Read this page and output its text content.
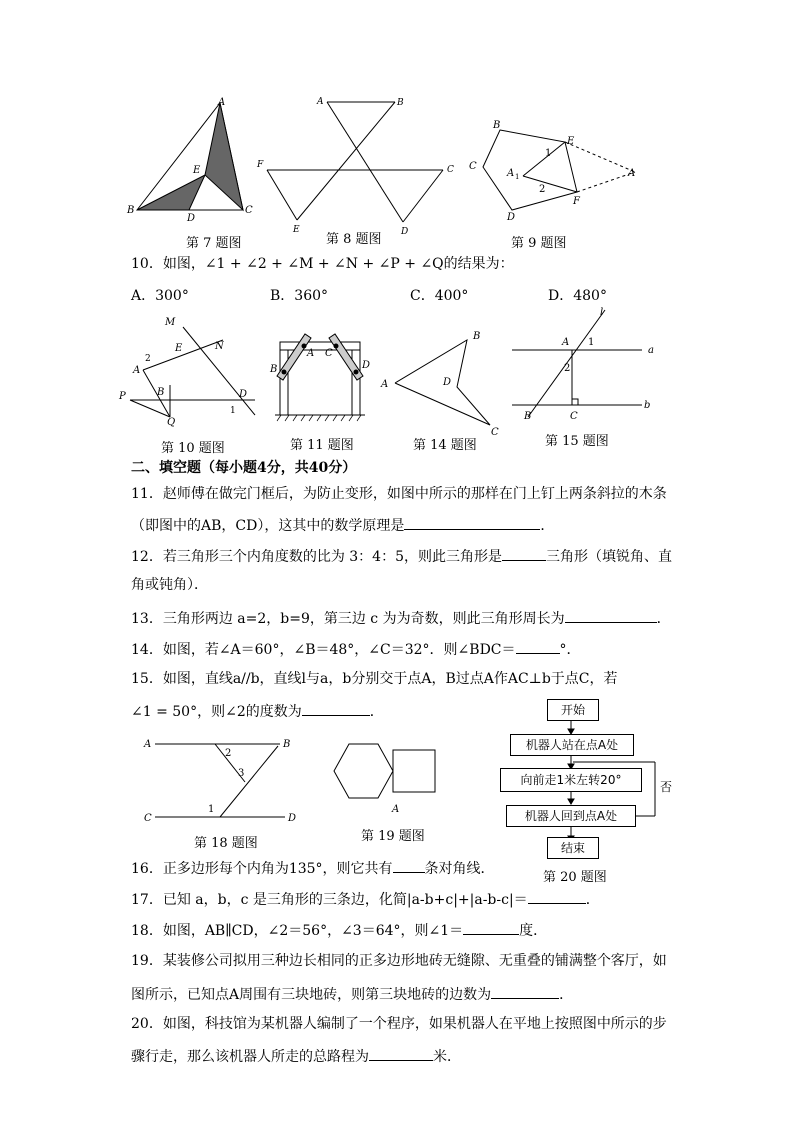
A
B
D
C
E
第 7 题图
A	B
F	C
E	D
第 8 题图
B
E
C
A 1
1
2
F
D
A
第 9 题图
10．如图，∠1 + ∠2 + ∠M + ∠N + ∠P + ∠Q的结果为：
A．300°	B．360°	C．400°	D．480°
M
N
E
A
2
B
P
Q
D
1
第 10 题图
A C
B	D
第 11 题图
A
B
D
C
第 14 题图
l
A 1
2
a
b
B	C
第 15 题图
二、填空题（每小题4分，共40分）
11．赵师傅在做完门框后，为防止变形，如图中所示的那样在门上钉上两条斜拉的木条
（即图中的AB，CD），这其中的数学原理是	．
12．若三角形三个内角度数的比为 3：4：5，则此三角形是	三角形（填锐角、直
角或钝角）．
13．三角形两边 a=2，b=9，第三边 c 为为奇数，则此三角形周长为	．
14．如图，若∠A＝60°，∠B＝48°，∠C＝32°．则∠BDC＝	°．
15．如图，直线a//b，直线l与a，b分别交于点A，B过点A作AC⊥b于点C，若
∠1 = 50°，则∠2的度数为	．
A	B
C	D
2
3
1
第 18 题图
A
第 19 题图
开始
机器人站在点A处
向前走1米左转20°
机器人回到点A处
结束
否
第 20 题图
16．正多边形每个内角为135°，则它共有 条对角线．
17．已知 a，b，c 是三角形的三条边，化简|a-b+c|+|a-b-c|＝	．
18．如图，AB∥CD，∠2＝56°，∠3＝64°，则∠1＝	度．
19．某装修公司拟用三种边长相同的正多边形地砖无缝隙、无重叠的铺满整个客厅，如
图所示，已知点A周围有三块地砖，则第三块地砖的边数为	．
20．如图，科技馆为某机器人编制了一个程序，如果机器人在平地上按照图中所示的步
骤行走，那么该机器人所走的总路程为	米．
